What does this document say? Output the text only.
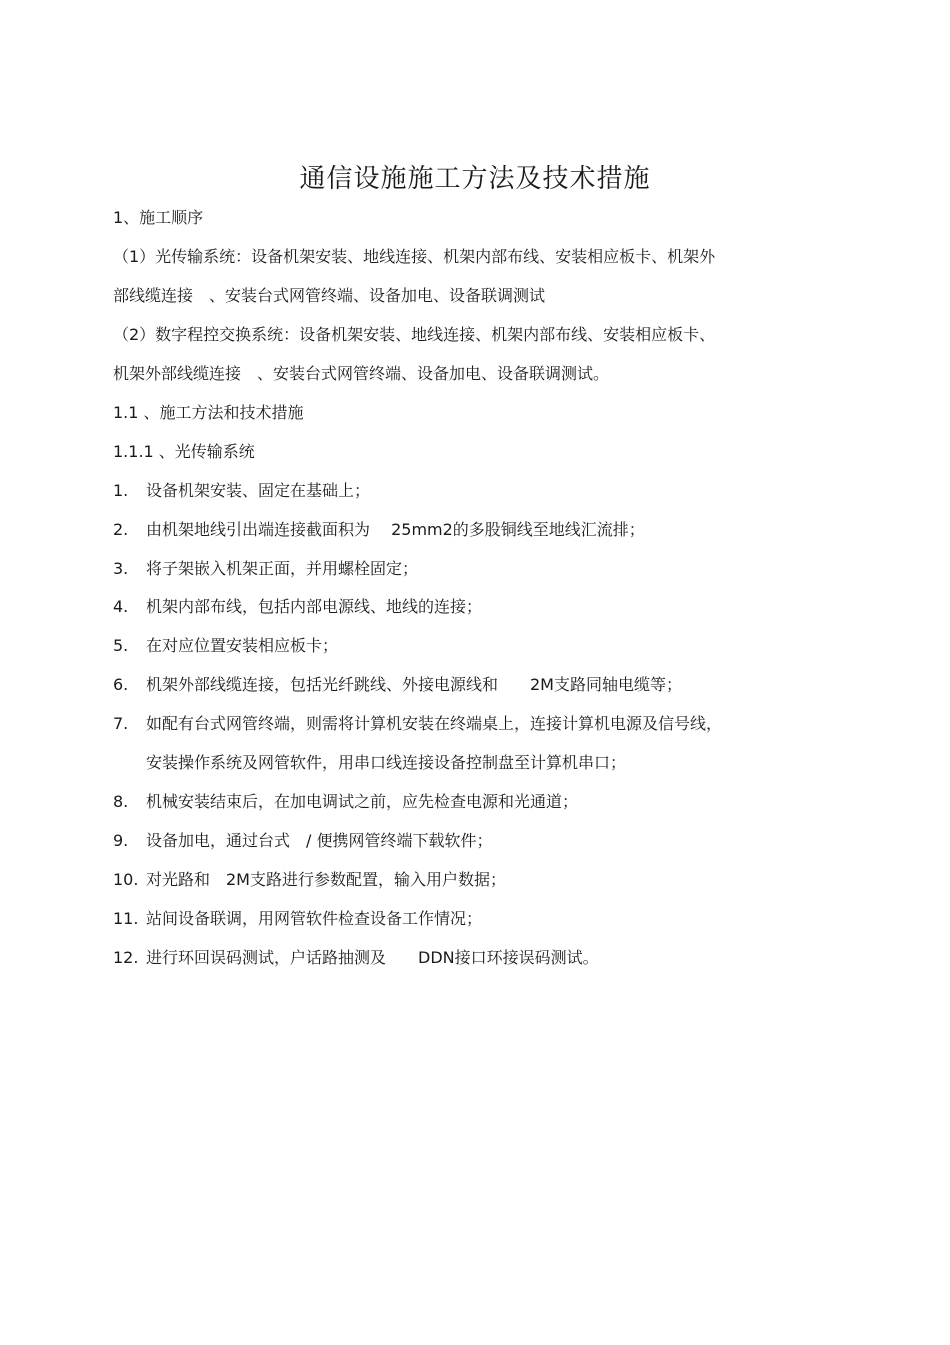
通信设施施工方法及技术措施
1、施工顺序
（1）光传输系统：设备机架安装、地线连接、机架内部布线、安装相应板卡、机架外
部线缆连接　、安装台式网管终端、设备加电、设备联调测试
（2）数字程控交换系统：设备机架安装、地线连接、机架内部布线、安装相应板卡、
机架外部线缆连接　、安装台式网管终端、设备加电、设备联调测试。
1.1 、施工方法和技术措施
1.1.1 、光传输系统
1. 设备机架安装、固定在基础上；
2. 由机架地线引出端连接截面积为　 25mm2的多股铜线至地线汇流排；
3. 将子架嵌入机架正面，并用螺栓固定；
4. 机架内部布线，包括内部电源线、地线的连接；
5. 在对应位置安装相应板卡；
6. 机架外部线缆连接，包括光纤跳线、外接电源线和　　2M支路同轴电缆等；
7. 如配有台式网管终端，则需将计算机安装在终端桌上，连接计算机电源及信号线，
安装操作系统及网管软件，用串口线连接设备控制盘至计算机串口；
8. 机械安装结束后，在加电调试之前，应先检查电源和光通道；
9. 设备加电，通过台式　/ 便携网管终端下载软件；
10. 对光路和　2M支路进行参数配置，输入用户数据；
11. 站间设备联调，用网管软件检查设备工作情况；
12. 进行环回误码测试，户话路抽测及　　DDN接口环接误码测试。
